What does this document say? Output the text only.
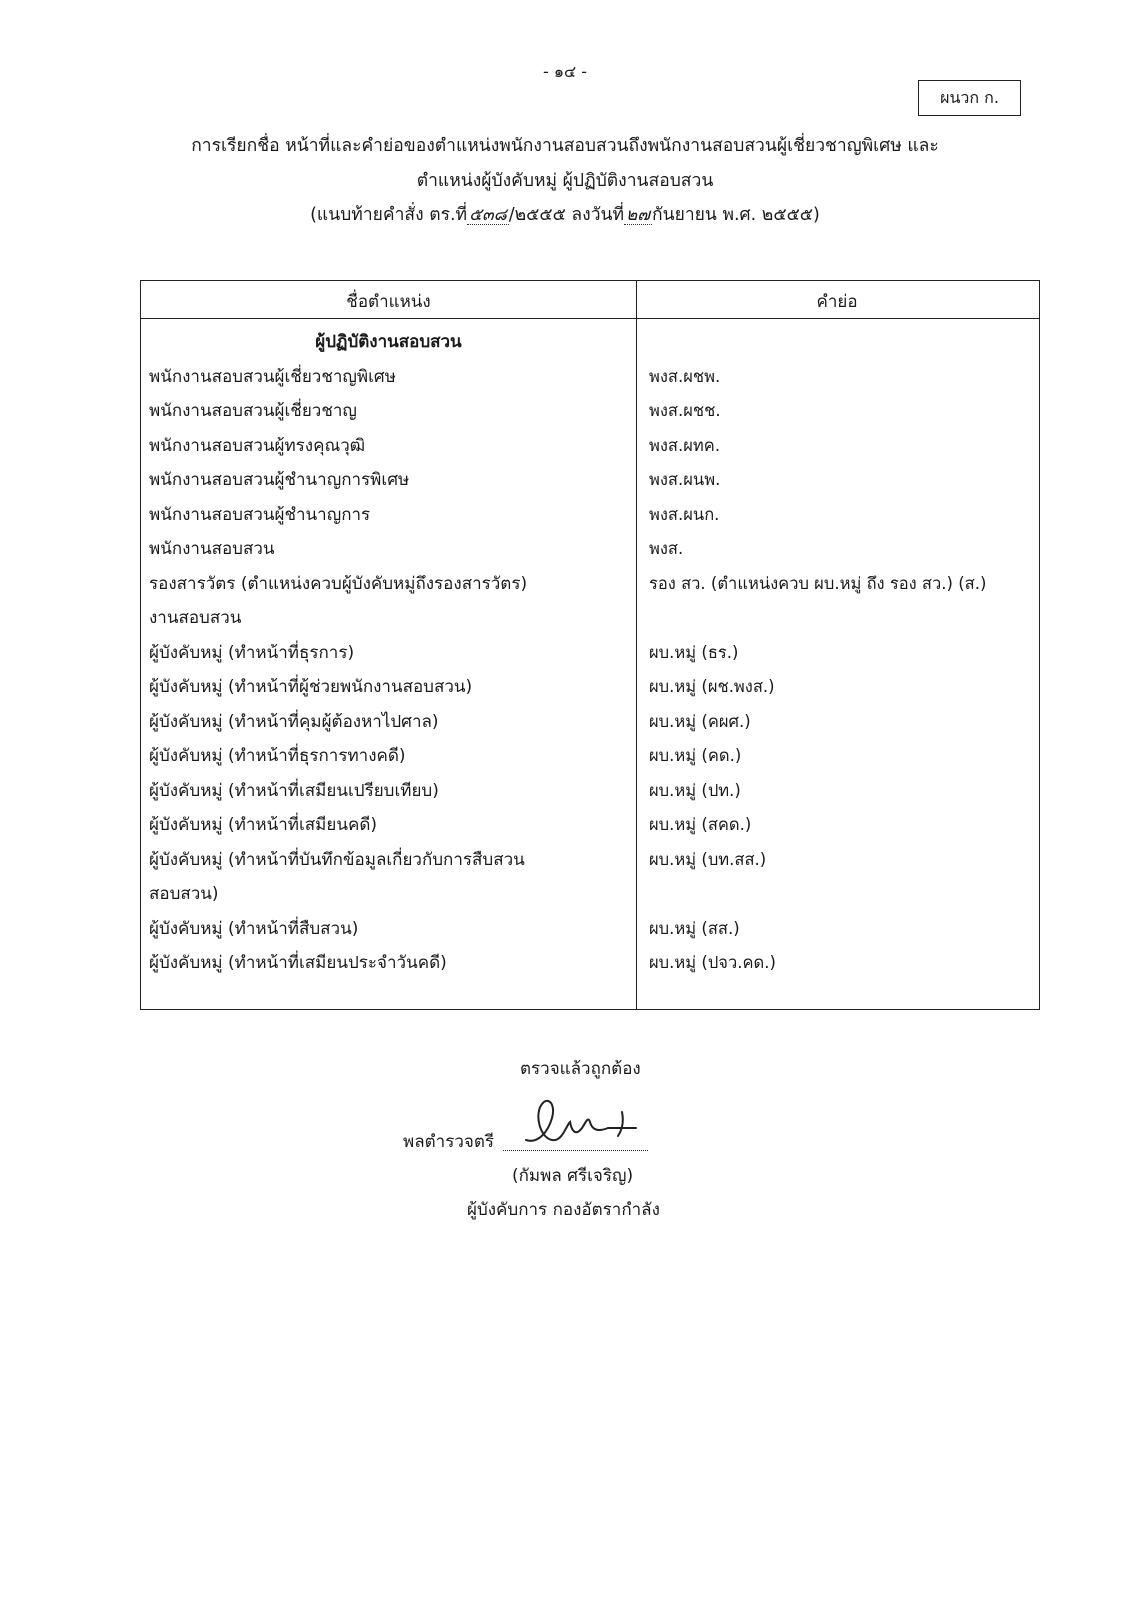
- ๑๔ -
ผนวก ก.
การเรียกชื่อ หน้าที่และคำย่อของตำแหน่งพนักงานสอบสวนถึงพนักงานสอบสวนผู้เชี่ยวชาญพิเศษ และ
ตำแหน่งผู้บังคับหมู่ ผู้ปฏิบัติงานสอบสวน
(แนบท้ายคำสั่ง ตร.ที่ ๕๓๘ /๒๕๕๕ ลงวันที่ ๒๗ กันยายน พ.ศ. ๒๕๕๕)
ชื่อตำแหน่ง	คำย่อ
ผู้ปฏิบัติงานสอบสวน
พนักงานสอบสวนผู้เชี่ยวชาญพิเศษ	พงส.ผชพ.
พนักงานสอบสวนผู้เชี่ยวชาญ	พงส.ผชช.
พนักงานสอบสวนผู้ทรงคุณวุฒิ	พงส.ผทค.
พนักงานสอบสวนผู้ชำนาญการพิเศษ	พงส.ผนพ.
พนักงานสอบสวนผู้ชำนาญการ	พงส.ผนก.
พนักงานสอบสวน	พงส.
รองสารวัตร (ตำแหน่งควบผู้บังคับหมู่ถึงรองสารวัตร)	รอง สว. (ตำแหน่งควบ ผบ.หมู่ ถึง รอง สว.) (ส.)
งานสอบสวน
ผู้บังคับหมู่ (ทำหน้าที่ธุรการ)	ผบ.หมู่ (ธร.)
ผู้บังคับหมู่ (ทำหน้าที่ผู้ช่วยพนักงานสอบสวน)	ผบ.หมู่ (ผช.พงส.)
ผู้บังคับหมู่ (ทำหน้าที่คุมผู้ต้องหาไปศาล)	ผบ.หมู่ (คผศ.)
ผู้บังคับหมู่ (ทำหน้าที่ธุรการทางคดี)	ผบ.หมู่ (คด.)
ผู้บังคับหมู่ (ทำหน้าที่เสมียนเปรียบเทียบ)	ผบ.หมู่ (ปท.)
ผู้บังคับหมู่ (ทำหน้าที่เสมียนคดี)	ผบ.หมู่ (สคด.)
ผู้บังคับหมู่ (ทำหน้าที่บันทึกข้อมูลเกี่ยวกับการสืบสวน	ผบ.หมู่ (บท.สส.)
สอบสวน)
ผู้บังคับหมู่ (ทำหน้าที่สืบสวน)	ผบ.หมู่ (สส.)
ผู้บังคับหมู่ (ทำหน้าที่เสมียนประจำวันคดี)	ผบ.หมู่ (ปจว.คด.)
ตรวจแล้วถูกต้อง
พลตำรวจตรี
(กัมพล ศรีเจริญ)
ผู้บังคับการ กองอัตรากำลัง
